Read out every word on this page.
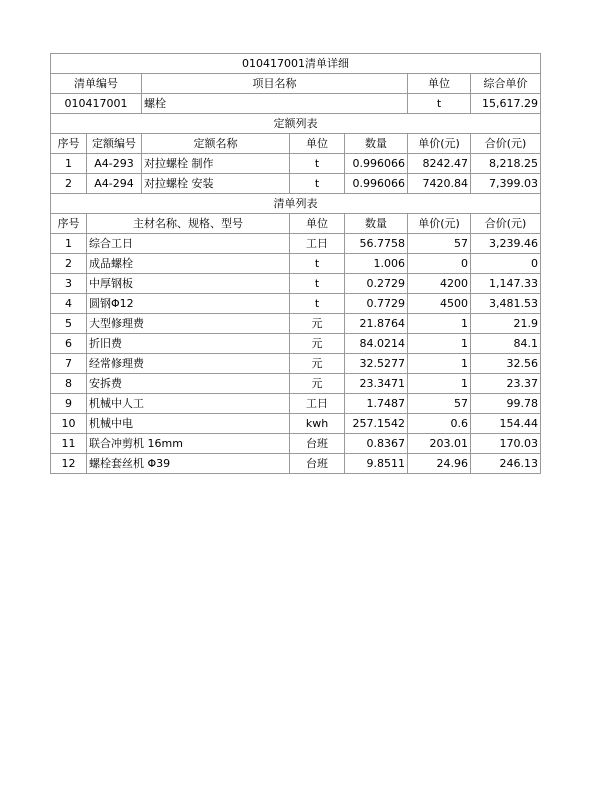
010417001清单详细						
清单编号		项目名称			单位	综合单价
010417001		螺栓			t	15,617.29
定额列表						
序号	定额编号	定额名称	单位	数量	单价(元)	合价(元)
1	A4-293	对拉螺栓 制作	t	0.996066	8242.47	8,218.25
2	A4-294	对拉螺栓 安装	t	0.996066	7420.84	7,399.03
清单列表						
序号	主材名称、规格、型号		单位	数量	单价(元)	合价(元)
1	综合工日		工日	56.7758	57	3,239.46
2	成品螺栓		t	1.006	0	0
3	中厚钢板		t	0.2729	4200	1,147.33
4	圆钢Φ12		t	0.7729	4500	3,481.53
5	大型修理费		元	21.8764	1	21.9
6	折旧费		元	84.0214	1	84.1
7	经常修理费		元	32.5277	1	32.56
8	安拆费		元	23.3471	1	23.37
9	机械中人工		工日	1.7487	57	99.78
10	机械中电		kwh	257.1542	0.6	154.44
11	联合冲剪机 16mm		台班	0.8367	203.01	170.03
12	螺栓套丝机 Φ39		台班	9.8511	24.96	246.13
